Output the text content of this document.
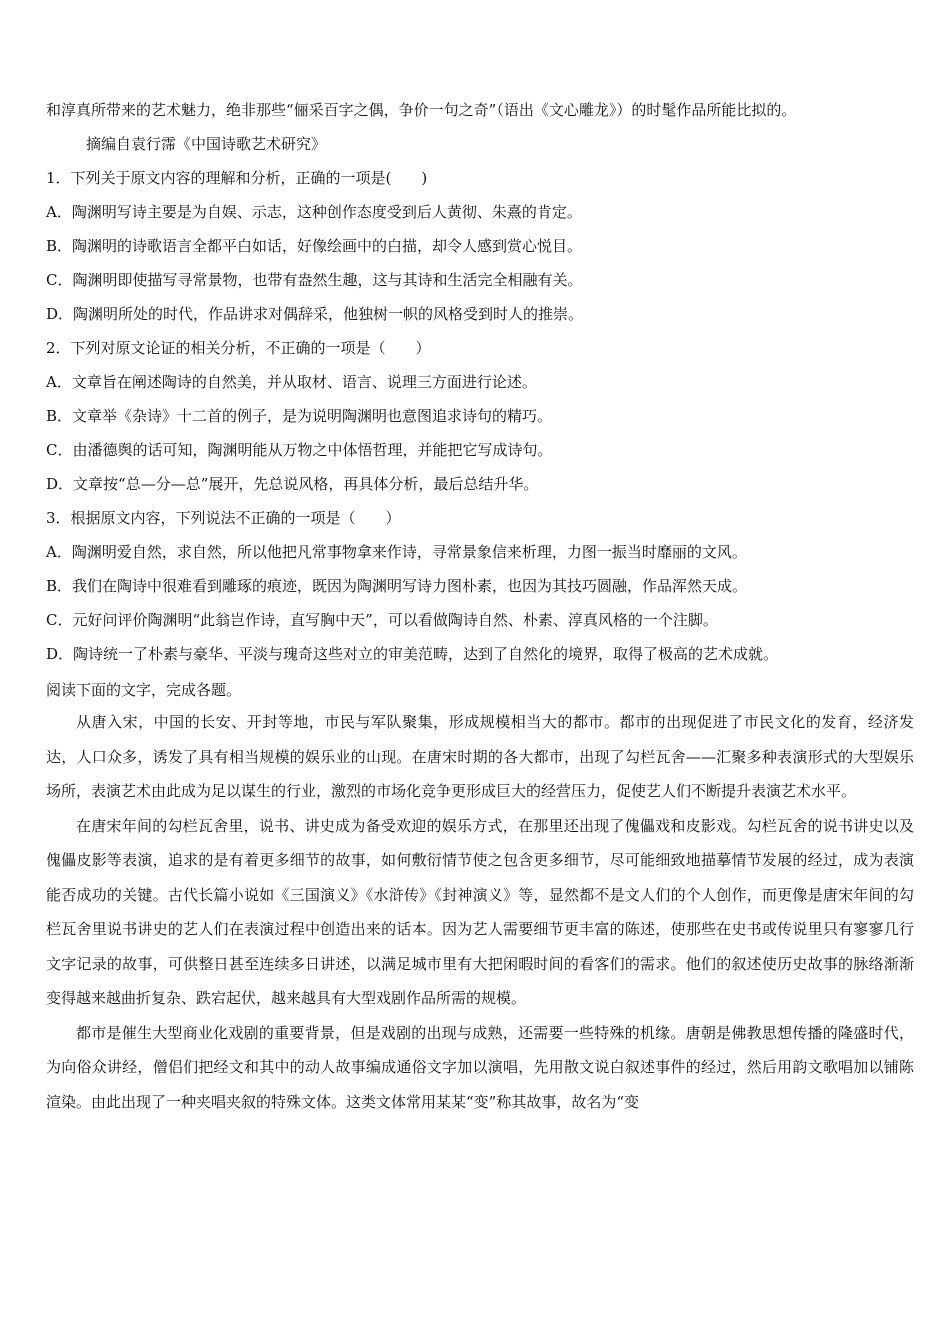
和淳真所带来的艺术魅力，绝非那些“俪采百字之偶，争价一句之奇”（语出《文心雕龙》）的时髦作品所能比拟的。
摘编自袁行霈《中国诗歌艺术研究》
1．下列关于原文内容的理解和分析，正确的一项是(　　)
A．陶渊明写诗主要是为自娱、示志，这种创作态度受到后人黄彻、朱熹的肯定。
B．陶渊明的诗歌语言全都平白如话，好像绘画中的白描，却令人感到赏心悦目。
C．陶渊明即使描写寻常景物，也带有盎然生趣，这与其诗和生活完全相融有关。
D．陶渊明所处的时代，作品讲求对偶辞采，他独树一帜的风格受到时人的推崇。
2．下列对原文论证的相关分析，不正确的一项是（　　）
A．文章旨在阐述陶诗的自然美，并从取材、语言、说理三方面进行论述。
B．文章举《杂诗》十二首的例子，是为说明陶渊明也意图追求诗句的精巧。
C．由潘德舆的话可知，陶渊明能从万物之中体悟哲理，并能把它写成诗句。
D．文章按“总—分—总”展开，先总说风格，再具体分析，最后总结升华。
3．根据原文内容，下列说法不正确的一项是（　　）
A．陶渊明爱自然，求自然，所以他把凡常事物拿来作诗，寻常景象信来析理，力图一振当时靡丽的文风。
B．我们在陶诗中很难看到雕琢的痕迹，既因为陶渊明写诗力图朴素，也因为其技巧圆融，作品浑然天成。
C．元好问评价陶渊明“此翁岂作诗，直写胸中天”，可以看做陶诗自然、朴素、淳真风格的一个注脚。
D．陶诗统一了朴素与豪华、平淡与瑰奇这些对立的审美范畴，达到了自然化的境界，取得了极高的艺术成就。
阅读下面的文字，完成各题。

从唐入宋，中国的长安、开封等地，市民与军队聚集，形成规模相当大的都市。都市的出现促进了市民文化的发育，经济发达，人口众多，诱发了具有相当规模的娱乐业的山现。在唐宋时期的各大都市，出现了勾栏瓦舍——汇聚多种表演形式的大型娱乐场所，表演艺术由此成为足以谋生的行业，激烈的市场化竞争更形成巨大的经营压力，促使艺人们不断提升表演艺术水平。

在唐宋年间的勾栏瓦舍里，说书、讲史成为备受欢迎的娱乐方式，在那里还出现了傀儡戏和皮影戏。勾栏瓦舍的说书讲史以及傀儡皮影等表演，追求的是有着更多细节的故事，如何敷衍情节使之包含更多细节，尽可能细致地描摹情节发展的经过，成为表演能否成功的关键。古代长篇小说如《三国演义》《水浒传》《封神演义》等，显然都不是文人们的个人创作，而更像是唐宋年间的勾栏瓦舍里说书讲史的艺人们在表演过程中创造出来的话本。因为艺人需要细节更丰富的陈述，使那些在史书或传说里只有寥寥几行文字记录的故事，可供整日甚至连续多日讲述，以满足城市里有大把闲暇时间的看客们的需求。他们的叙述使历史故事的脉络渐渐变得越来越曲折复杂、跌宕起伏，越来越具有大型戏剧作品所需的规模。

都市是催生大型商业化戏剧的重要背景，但是戏剧的出现与成熟，还需要一些特殊的机缘。唐朝是佛教思想传播的隆盛时代，为向俗众讲经，僧侣们把经文和其中的动人故事编成通俗文字加以演唱，先用散文说白叙述事件的经过，然后用韵文歌唱加以铺陈渲染。由此出现了一种夹唱夹叙的特殊文体。这类文体常用某某“变”称其故事，故名为“变
